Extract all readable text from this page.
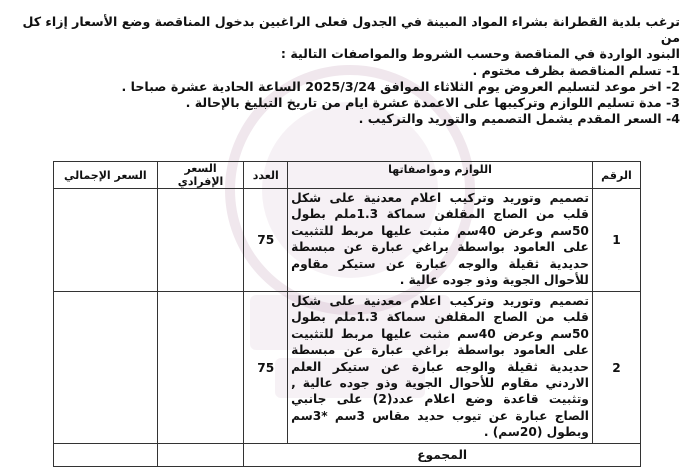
ترغب بلدية القطرانة بشراء المواد المبينة في الجدول فعلى الراغبين بدخول المناقصة وضع الأسعار إزاء كل من

البنود الواردة في المناقصة وحسب الشروط والمواصفات التالية :

1- تسلم المناقصة بظرف مختوم .
2- اخر موعد لتسليم العروض يوم الثلاثاء الموافق 2025/3/24 الساعة الحادية عشرة صباحا .
3- مدة تسليم اللوازم وتركيبها على الاعمدة عشرة ايام من تاريخ التبليغ بالإحالة .
4- السعر المقدم يشمل التصميم والتوريد والتركيب .
الرقم	اللوازم ومواصفاتها	العدد	السعر الإفرادي	السعر الإجمالي
1	تصميم وتوريد وتركيب اعلام معدنية على شكل قلب من الصاج المقلفن سماكة 1.3ملم بطول 50سم وعرض 40سم مثبت عليها مربط للتثبيت على العامود بواسطة براغي عبارة عن مبسطة حديدية ثقيلة والوجه عبارة عن ستيكر مقاوم للأحوال الجوية وذو جوده عالية .	75		
2	تصميم وتوريد وتركيب اعلام معدنية على شكل قلب من الصاج المقلفن سماكة 1.3ملم بطول 50سم وعرض 40سم مثبت عليها مربط للتثبيت على العامود بواسطة براغي عبارة عن مبسطة حديدية ثقيلة والوجه عبارة عن ستيكر العلم الاردني مقاوم للأحوال الجوية وذو جوده عالية , وتثبيت قاعدة وضع اعلام عدد(2) على جانبي الصاج عبارة عن تيوب حديد مقاس 3سم *3سم وبطول (20سم) .	75		
المجموع				
